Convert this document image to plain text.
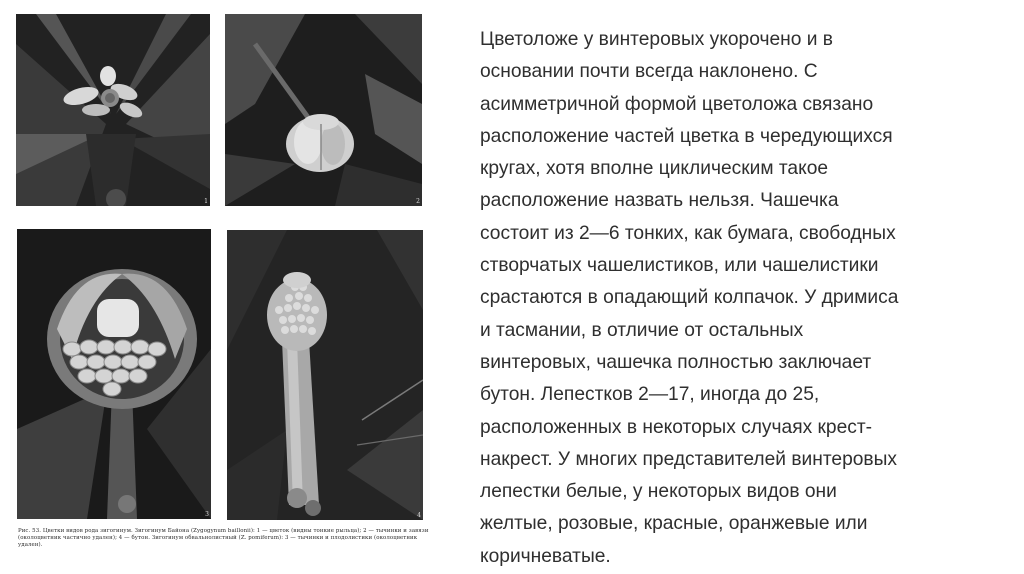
1	2
3	4
Рис. 53. Цветки видов рода зигогинум. Зигогинум Байона (Zygogynum baillonii): 1 — цветок (видны тонкие рыльца); 2 — тычинки и завязи (околоцветник частично удален); 4 — бутон. Зигогинум обвальнолистный (Z. pomiferum): 3 — тычинки и плодолистики (околоцветник удален).

Цветоложе у винтеровых укорочено и в
основании почти всегда наклонено. С
асимметричной формой цветоложа связано
расположение частей цветка в чередующихся
кругах, хотя вполне циклическим такое
расположение назвать нельзя. Чашечка
состоит из 2—6 тонких, как бумага, свободных
створчатых чашелистиков, или чашелистики
срастаются в опадающий колпачок. У дримиса
и тасмании, в отличие от остальных
винтеровых, чашечка полностью заключает
бутон. Лепестков 2—17, иногда до 25,
расположенных в некоторых случаях крест-
накрест. У многих представителей винтеровых
лепестки белые, у некоторых видов они
желтые, розовые, красные, оранжевые или
коричневатые.
